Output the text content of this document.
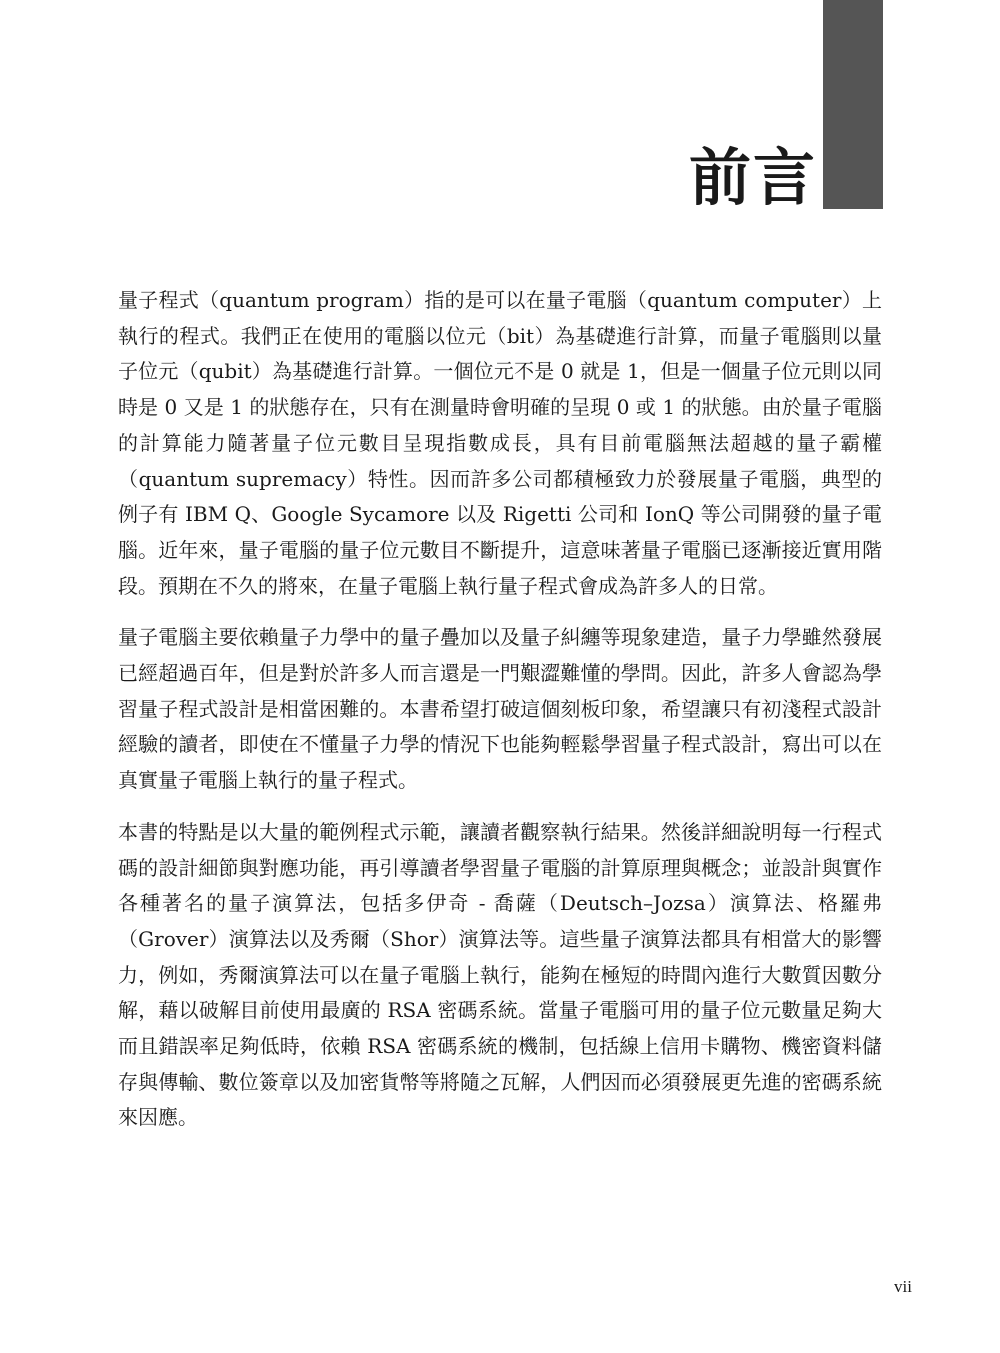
前言

量子程式（quantum program）指的是可以在量子電腦（quantum computer）上執行的程式。我們正在使用的電腦以位元（bit）為基礎進行計算，而量子電腦則以量子位元（qubit）為基礎進行計算。一個位元不是 0 就是 1，但是一個量子位元則以同時是 0 又是 1 的狀態存在，只有在測量時會明確的呈現 0 或 1 的狀態。由於量子電腦的計算能力隨著量子位元數目呈現指數成長，具有目前電腦無法超越的量子霸權（quantum supremacy）特性。因而許多公司都積極致力於發展量子電腦，典型的例子有 IBM Q、Google Sycamore 以及 Rigetti 公司和 IonQ 等公司開發的量子電腦。近年來，量子電腦的量子位元數目不斷提升，這意味著量子電腦已逐漸接近實用階段。預期在不久的將來，在量子電腦上執行量子程式會成為許多人的日常。

量子電腦主要依賴量子力學中的量子疊加以及量子糾纏等現象建造，量子力學雖然發展已經超過百年，但是對於許多人而言還是一門艱澀難懂的學問。因此，許多人會認為學習量子程式設計是相當困難的。本書希望打破這個刻板印象，希望讓只有初淺程式設計經驗的讀者，即使在不懂量子力學的情況下也能夠輕鬆學習量子程式設計，寫出可以在真實量子電腦上執行的量子程式。

本書的特點是以大量的範例程式示範，讓讀者觀察執行結果。然後詳細說明每一行程式碼的設計細節與對應功能，再引導讀者學習量子電腦的計算原理與概念；並設計與實作各種著名的量子演算法，包括多伊奇 - 喬薩（Deutsch–Jozsa）演算法、格羅弗（Grover）演算法以及秀爾（Shor）演算法等。這些量子演算法都具有相當大的影響力，例如，秀爾演算法可以在量子電腦上執行，能夠在極短的時間內進行大數質因數分解，藉以破解目前使用最廣的 RSA 密碼系統。當量子電腦可用的量子位元數量足夠大而且錯誤率足夠低時，依賴 RSA 密碼系統的機制，包括線上信用卡購物、機密資料儲存與傳輸、數位簽章以及加密貨幣等將隨之瓦解，人們因而必須發展更先進的密碼系統來因應。

vii
